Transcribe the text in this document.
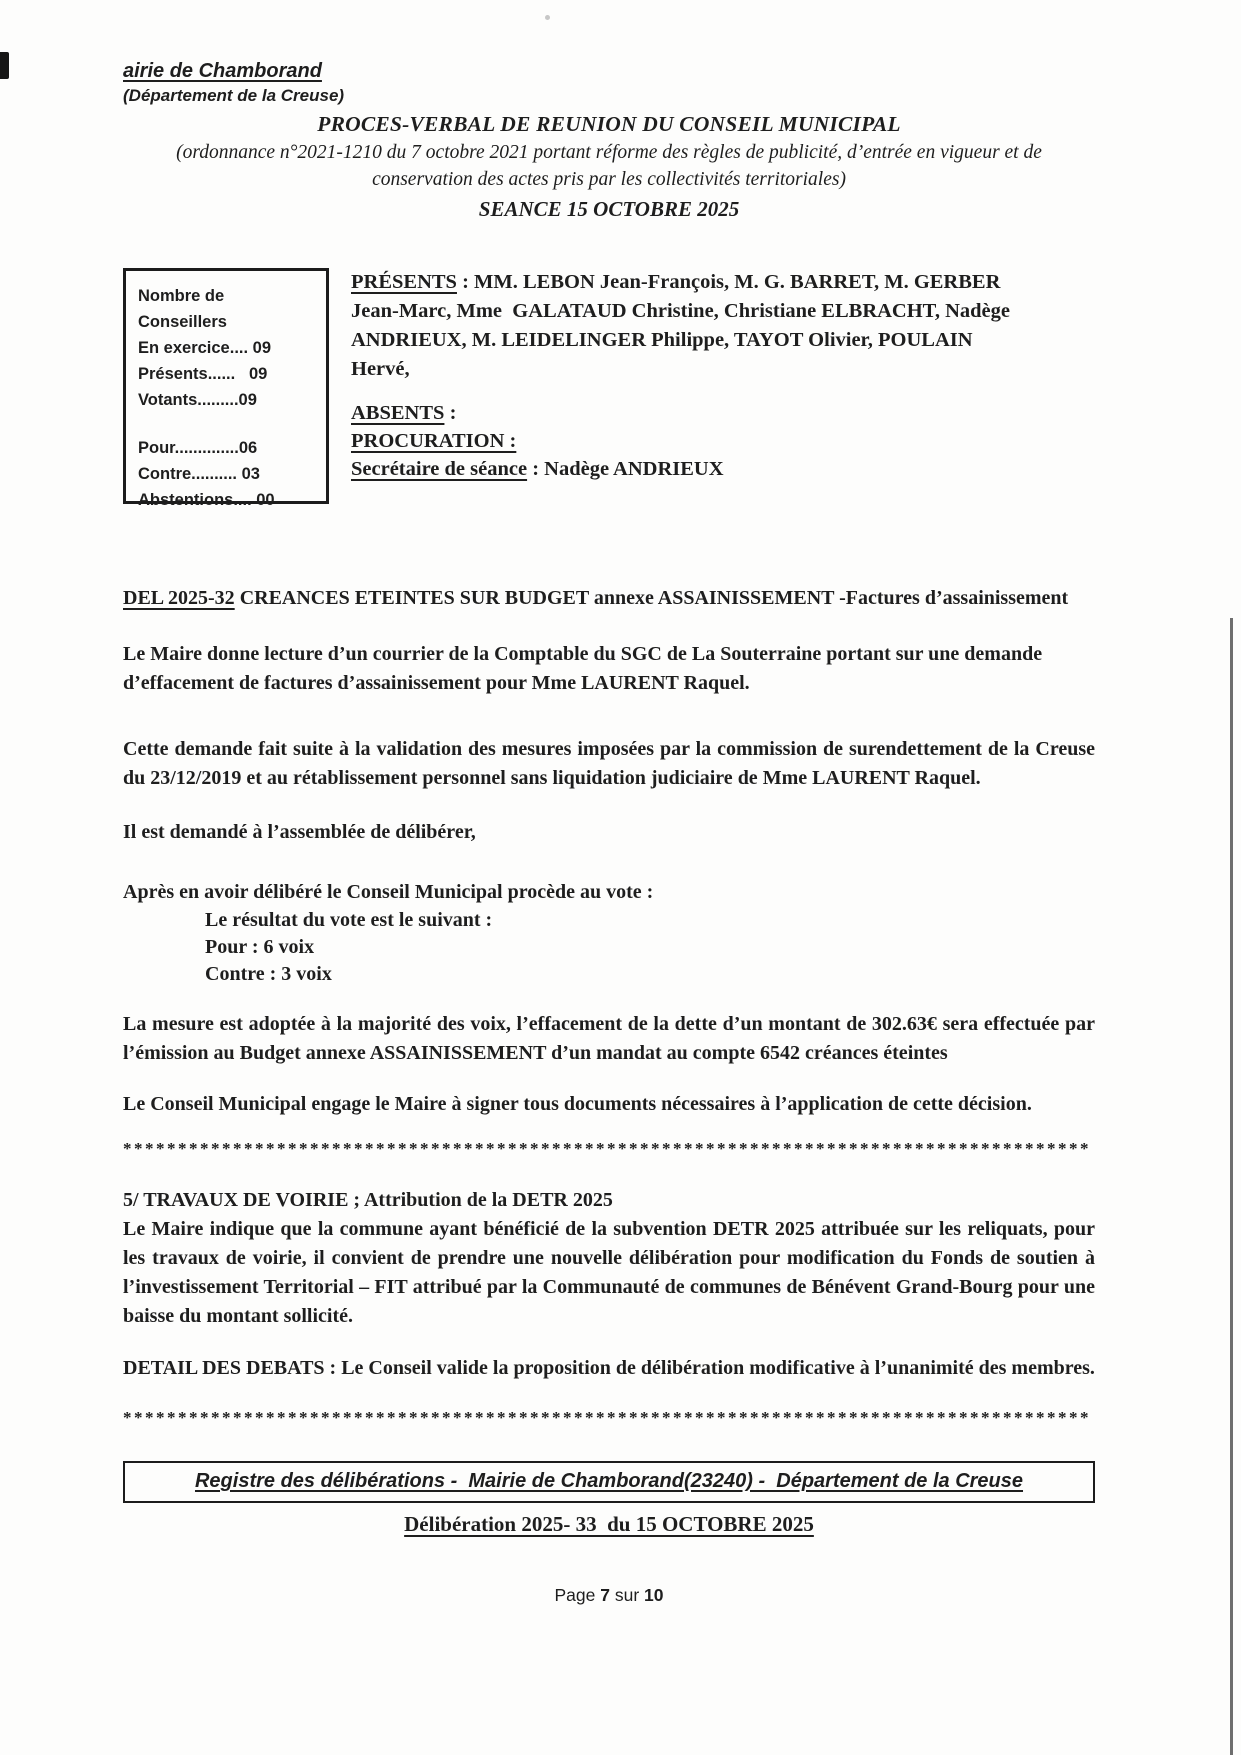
airie de Chamborand
(Département de la Creuse)
PROCES-VERBAL DE REUNION DU CONSEIL MUNICIPAL
(ordonnance n°2021-1210 du 7 octobre 2021 portant réforme des règles de publicité, d’entrée en vigueur et de conservation des actes pris par les collectivités territoriales)
SEANCE 15 OCTOBRE 2025
Nombre de Conseillers
En exercice.... 09
Présents......   09
Votants.........09
Pour..............06
Contre.......... 03
Abstentions.... 00
PRÉSENTS : MM. LEBON Jean-François, M. G. BARRET, M. GERBER Jean-Marc, Mme  GALATAUD Christine, Christiane ELBRACHT, Nadège ANDRIEUX, M. LEIDELINGER Philippe, TAYOT Olivier, POULAIN Hervé,
ABSENTS :
PROCURATION :
Secrétaire de séance : Nadège ANDRIEUX
DEL 2025-32 CREANCES ETEINTES SUR BUDGET annexe ASSAINISSEMENT -Factures d’assainissement
Le Maire donne lecture d’un courrier de la Comptable du SGC de La Souterraine portant sur une demande d’effacement de factures d’assainissement pour Mme LAURENT Raquel.
Cette demande fait suite à la validation des mesures imposées par la commission de surendettement de la Creuse du 23/12/2019 et au rétablissement personnel sans liquidation judiciaire de Mme LAURENT Raquel.
Il est demandé à l’assemblée de délibérer,
Après en avoir délibéré le Conseil Municipal procède au vote :
Le résultat du vote est le suivant :
Pour : 6 voix
Contre : 3 voix
La mesure est adoptée à la majorité des voix, l’effacement de la dette d’un montant de 302.63€ sera effectuée par l’émission au Budget annexe ASSAINISSEMENT d’un mandat au compte 6542 créances éteintes
Le Conseil Municipal engage le Maire à signer tous documents nécessaires à l’application de cette décision.
****************************************************************************************
5/ TRAVAUX DE VOIRIE ; Attribution de la DETR 2025
Le Maire indique que la commune ayant bénéficié de la subvention DETR 2025 attribuée sur les reliquats, pour les travaux de voirie, il convient de prendre une nouvelle délibération pour modification du Fonds de soutien à l’investissement Territorial – FIT attribué par la Communauté de communes de Bénévent Grand-Bourg pour une baisse du montant sollicité.
DETAIL DES DEBATS : Le Conseil valide la proposition de délibération modificative à l’unanimité des membres.
****************************************************************************************
Registre des délibérations -  Mairie de Chamborand(23240) -  Département de la Creuse
Délibération 2025- 33  du 15 OCTOBRE 2025
Page 7 sur 10
